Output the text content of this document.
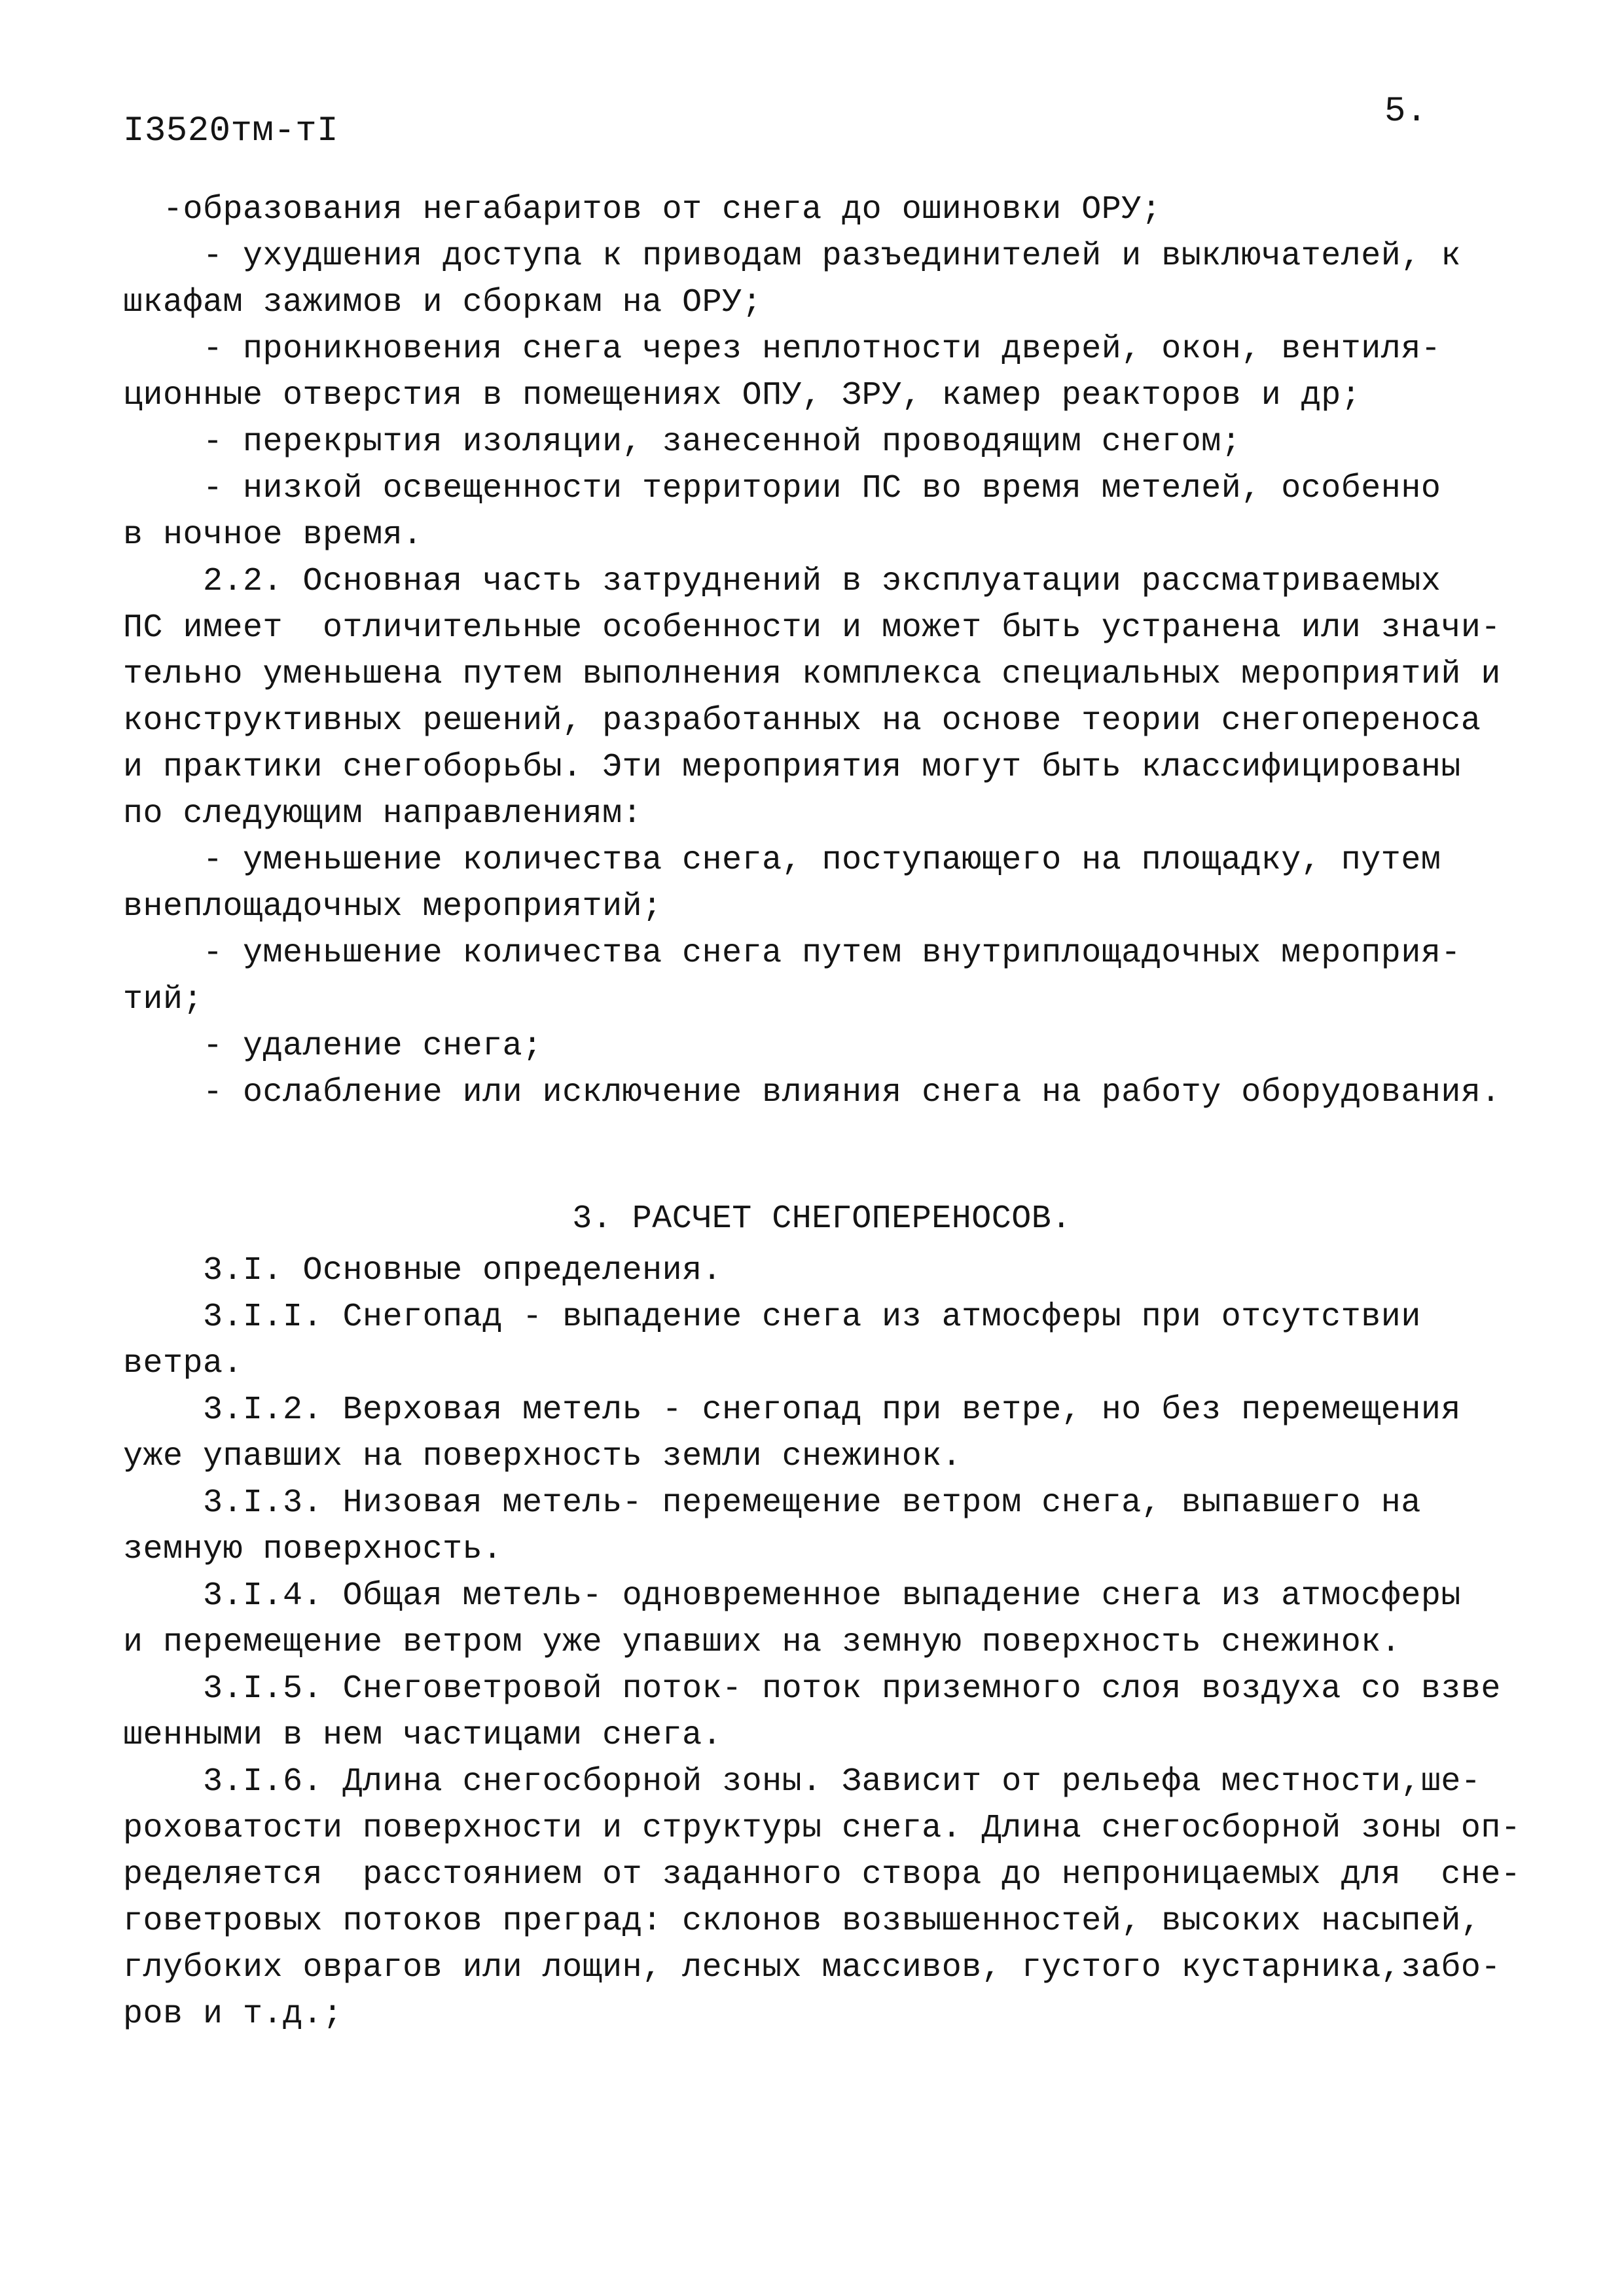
I3520тм-тI	5.
-образования негабаритов от снега до ошиновки ОРУ;
- ухудшения доступа к приводам разъединителей и выключателей, к
шкафам зажимов и сборкам на ОРУ;
- проникновения снега через неплотности дверей, окон, вентиля-
ционные отверстия в помещениях ОПУ, ЗРУ, камер реакторов и др;
- перекрытия изоляции, занесенной проводящим снегом;
- низкой освещенности территории ПС во время метелей, особенно
в ночное время.
2.2. Основная часть затруднений в эксплуатации рассматриваемых
ПС имеет  отличительные особенности и может быть устранена или значи-
тельно уменьшена путем выполнения комплекса специальных мероприятий и
конструктивных решений, разработанных на основе теории снегопереноса
и практики снегоборьбы. Эти мероприятия могут быть классифицированы
по следующим направлениям:
- уменьшение количества снега, поступающего на площадку, путем
внеплощадочных мероприятий;
- уменьшение количества снега путем внутриплощадочных мероприя-
тий;
- удаление снега;
- ослабление или исключение влияния снега на работу оборудования.
3. РАСЧЕТ СНЕГОПЕРЕНОСОВ.
3.I. Основные определения.
3.I.I. Снегопад - выпадение снега из атмосферы при отсутствии
ветра.
3.I.2. Верховая метель - снегопад при ветре, но без перемещения
уже упавших на поверхность земли снежинок.
3.I.3. Низовая метель- перемещение ветром снега, выпавшего на
земную поверхность.
3.I.4. Общая метель- одновременное выпадение снега из атмосферы
и перемещение ветром уже упавших на земную поверхность снежинок.
3.I.5. Снеговетровой поток- поток приземного слоя воздуха со взве
шенными в нем частицами снега.
3.I.6. Длина снегосборной зоны. Зависит от рельефа местности,ше-
роховатости поверхности и структуры снега. Длина снегосборной зоны оп-
ределяется  расстоянием от заданного створа до непроницаемых для  сне-
говетровых потоков преград: склонов возвышенностей, высоких насыпей,
глубоких оврагов или лощин, лесных массивов, густого кустарника,забо-
ров и т.д.;
